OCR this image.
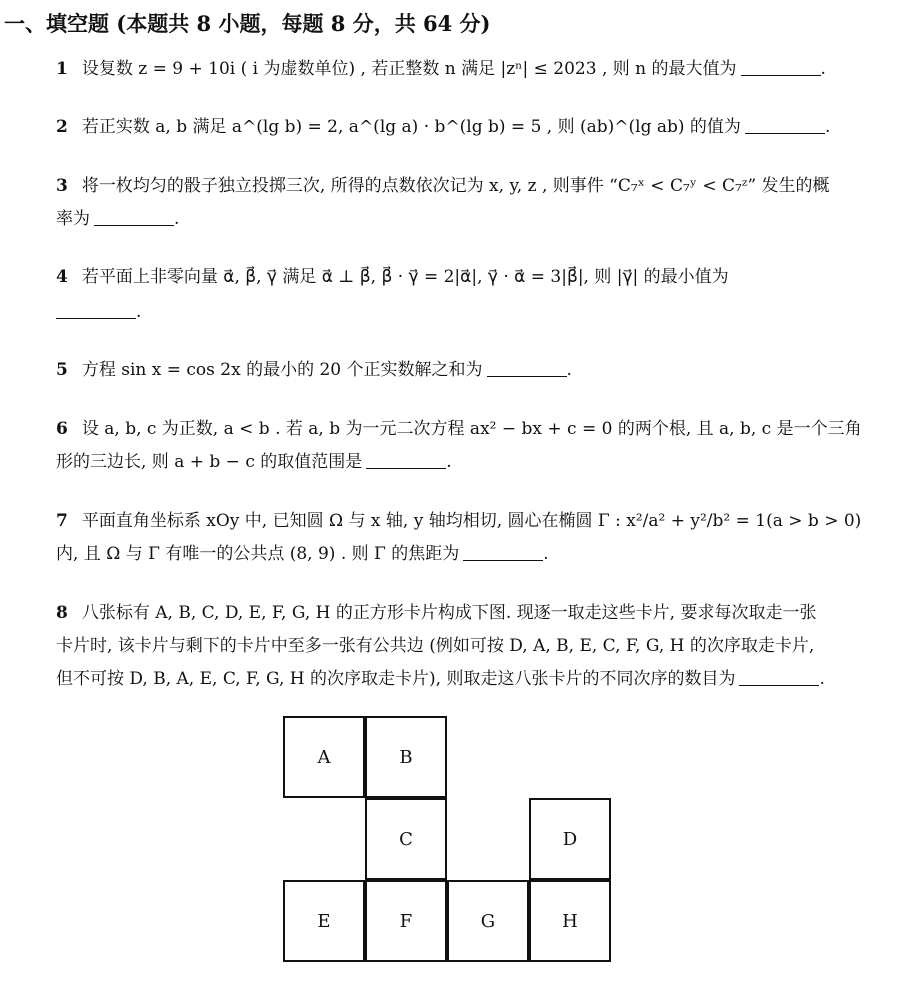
一、填空题 (本题共 8 小题，每题 8 分，共 64 分)
1 设复数 z = 9 + 10i ( i 为虚数单位) , 若正整数 n 满足 |zⁿ| ≤ 2023 , 则 n 的最大值为	.
2 若正实数 a, b 满足 a^(lg b) = 2, a^(lg a) · b^(lg b) = 5 , 则 (ab)^(lg ab) 的值为	.
3 将一枚均匀的骰子独立投掷三次, 所得的点数依次记为 x, y, z , 则事件 “C₇ˣ < C₇ʸ < C₇ᶻ” 发生的概
率为	.
4 若平面上非零向量 α⃗, β⃗, γ⃗ 满足 α⃗ ⊥ β⃗, β⃗ · γ⃗ = 2|α⃗|, γ⃗ · α⃗ = 3|β⃗|, 则 |γ⃗| 的最小值为
.
5 方程 sin x = cos 2x 的最小的 20 个正实数解之和为	.
6 设 a, b, c 为正数, a < b . 若 a, b 为一元二次方程 ax² − bx + c = 0 的两个根, 且 a, b, c 是一个三角
形的三边长, 则 a + b − c 的取值范围是	.
7 平面直角坐标系 xOy 中, 已知圆 Ω 与 x 轴, y 轴均相切, 圆心在椭圆 Γ : x²/a² + y²/b² = 1(a > b > 0)
内, 且 Ω 与 Γ 有唯一的公共点 (8, 9) . 则 Γ 的焦距为	.
8 八张标有 A, B, C, D, E, F, G, H 的正方形卡片构成下图. 现逐一取走这些卡片, 要求每次取走一张
卡片时, 该卡片与剩下的卡片中至多一张有公共边 (例如可按 D, A, B, E, C, F, G, H 的次序取走卡片,
但不可按 D, B, A, E, C, F, G, H 的次序取走卡片), 则取走这八张卡片的不同次序的数目为	.
A	B
C	D
E	F	G	H
